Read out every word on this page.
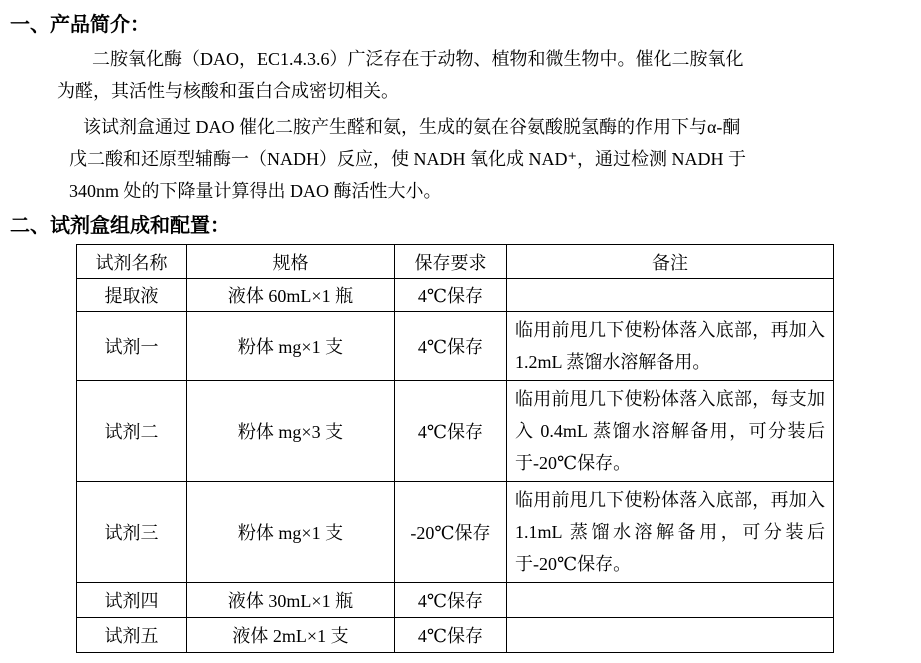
一、产品简介：
二胺氧化酶（DAO，EC1.4.3.6）广泛存在于动物、植物和微生物中。催化二胺氧化
为醛，其活性与核酸和蛋白合成密切相关。
该试剂盒通过 DAO 催化二胺产生醛和氨，生成的氨在谷氨酸脱氢酶的作用下与α-酮
戊二酸和还原型辅酶一（NADH）反应，使 NADH 氧化成 NAD⁺，通过检测 NADH 于
340nm 处的下降量计算得出 DAO 酶活性大小。
二、试剂盒组成和配置：
试剂名称	规格	保存要求	备注
提取液	液体 60mL×1 瓶	4℃保存	
试剂一	粉体 mg×1 支	4℃保存	临用前甩几下使粉体落入底部，再加入 1.2mL 蒸馏水溶解备用。
试剂二	粉体 mg×3 支	4℃保存	临用前甩几下使粉体落入底部，每支加入 0.4mL 蒸馏水溶解备用，可分装后于-20℃保存。
试剂三	粉体 mg×1 支	-20℃保存	临用前甩几下使粉体落入底部，再加入 1.1mL 蒸馏水溶解备用，可分装后于-20℃保存。
试剂四	液体 30mL×1 瓶	4℃保存	
试剂五	液体 2mL×1 支	4℃保存	
